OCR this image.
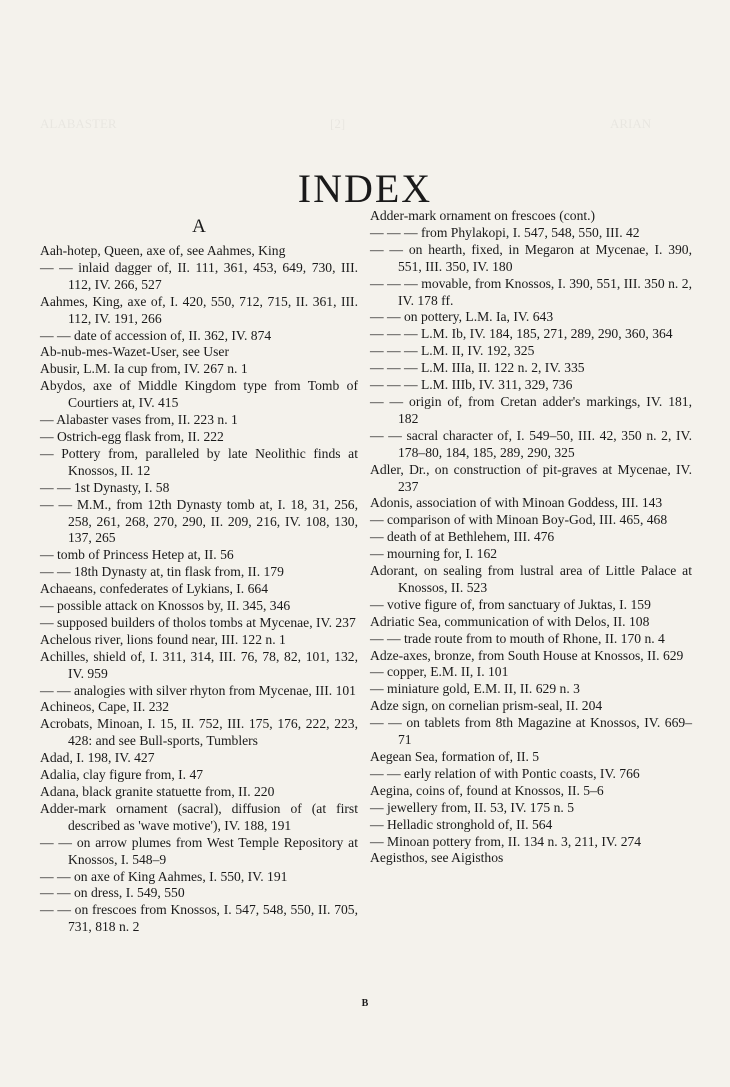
ALABASTER	[2]	ARIAN
INDEX
A
Aah-hotep, Queen, axe of, see Aahmes, King
— — inlaid dagger of, II. 111, 361, 453, 649, 730, III. 112, IV. 266, 527
Aahmes, King, axe of, I. 420, 550, 712, 715, II. 361, III. 112, IV. 191, 266
— — date of accession of, II. 362, IV. 874
Ab-nub-mes-Wazet-User, see User
Abusir, L.M. Ia cup from, IV. 267 n. 1
Abydos, axe of Middle Kingdom type from Tomb of Courtiers at, IV. 415
— Alabaster vases from, II. 223 n. 1
— Ostrich-egg flask from, II. 222
— Pottery from, paralleled by late Neolithic finds at Knossos, II. 12
— — 1st Dynasty, I. 58
— — M.M., from 12th Dynasty tomb at, I. 18, 31, 256, 258, 261, 268, 270, 290, II. 209, 216, IV. 108, 130, 137, 265
— tomb of Princess Hetep at, II. 56
— — 18th Dynasty at, tin flask from, II. 179
Achaeans, confederates of Lykians, I. 664
— possible attack on Knossos by, II. 345, 346
— supposed builders of tholos tombs at Mycenae, IV. 237
Achelous river, lions found near, III. 122 n. 1
Achilles, shield of, I. 311, 314, III. 76, 78, 82, 101, 132, IV. 959
— — analogies with silver rhyton from Mycenae, III. 101
Achineos, Cape, II. 232
Acrobats, Minoan, I. 15, II. 752, III. 175, 176, 222, 223, 428: and see Bull-sports, Tumblers
Adad, I. 198, IV. 427
Adalia, clay figure from, I. 47
Adana, black granite statuette from, II. 220
Adder-mark ornament (sacral), diffusion of (at first described as 'wave motive'), IV. 188, 191
— — on arrow plumes from West Temple Repository at Knossos, I. 548–9
— — on axe of King Aahmes, I. 550, IV. 191
— — on dress, I. 549, 550
— — on frescoes from Knossos, I. 547, 548, 550, II. 705, 731, 818 n. 2
Adder-mark ornament on frescoes (cont.)
— — — from Phylakopi, I. 547, 548, 550, III. 42
— — on hearth, fixed, in Megaron at Mycenae, I. 390, 551, III. 350, IV. 180
— — — movable, from Knossos, I. 390, 551, III. 350 n. 2, IV. 178 ff.
— — on pottery, L.M. Ia, IV. 643
— — — L.M. Ib, IV. 184, 185, 271, 289, 290, 360, 364
— — — L.M. II, IV. 192, 325
— — — L.M. IIIa, II. 122 n. 2, IV. 335
— — — L.M. IIIb, IV. 311, 329, 736
— — origin of, from Cretan adder's markings, IV. 181, 182
— — sacral character of, I. 549–50, III. 42, 350 n. 2, IV. 178–80, 184, 185, 289, 290, 325
Adler, Dr., on construction of pit-graves at Mycenae, IV. 237
Adonis, association of with Minoan Goddess, III. 143
— comparison of with Minoan Boy-God, III. 465, 468
— death of at Bethlehem, III. 476
— mourning for, I. 162
Adorant, on sealing from lustral area of Little Palace at Knossos, II. 523
— votive figure of, from sanctuary of Juktas, I. 159
Adriatic Sea, communication of with Delos, II. 108
— — trade route from to mouth of Rhone, II. 170 n. 4
Adze-axes, bronze, from South House at Knossos, II. 629
— copper, E.M. II, I. 101
— miniature gold, E.M. II, II. 629 n. 3
Adze sign, on cornelian prism-seal, II. 204
— — on tablets from 8th Magazine at Knossos, IV. 669–71
Aegean Sea, formation of, II. 5
— — early relation of with Pontic coasts, IV. 766
Aegina, coins of, found at Knossos, II. 5–6
— jewellery from, II. 53, IV. 175 n. 5
— Helladic stronghold of, II. 564
— Minoan pottery from, II. 134 n. 3, 211, IV. 274
Aegisthos, see Aigisthos
B
